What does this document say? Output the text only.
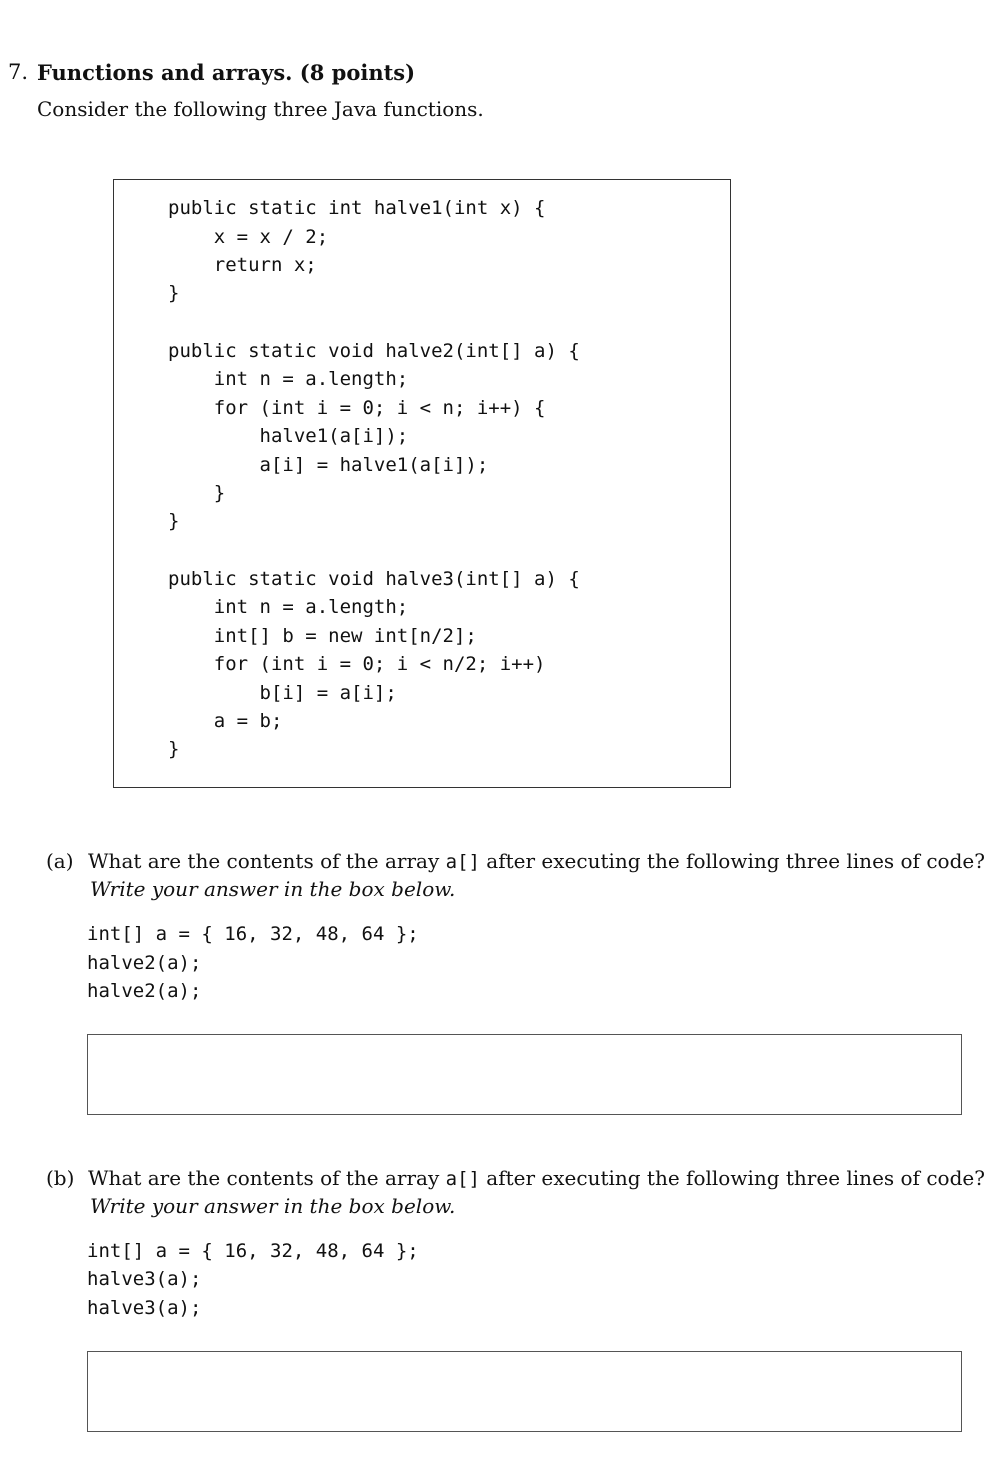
7. Functions and arrays. (8 points)
Consider the following three Java functions.
public static int halve1(int x) {
x = x / 2;
return x;
}
public static void halve2(int[] a) {
int n = a.length;
for (int i = 0; i < n; i++) {
halve1(a[i]);
a[i] = halve1(a[i]);
}
}
public static void halve3(int[] a) {
int n = a.length;
int[] b = new int[n/2];
for (int i = 0; i < n/2; i++)
b[i] = a[i];
a = b;
}
(a) What are the contents of the array a[] after executing the following three lines of code?
Write your answer in the box below.
int[] a = { 16, 32, 48, 64 };
halve2(a);
halve2(a);
(b) What are the contents of the array a[] after executing the following three lines of code?
Write your answer in the box below.
int[] a = { 16, 32, 48, 64 };
halve3(a);
halve3(a);
